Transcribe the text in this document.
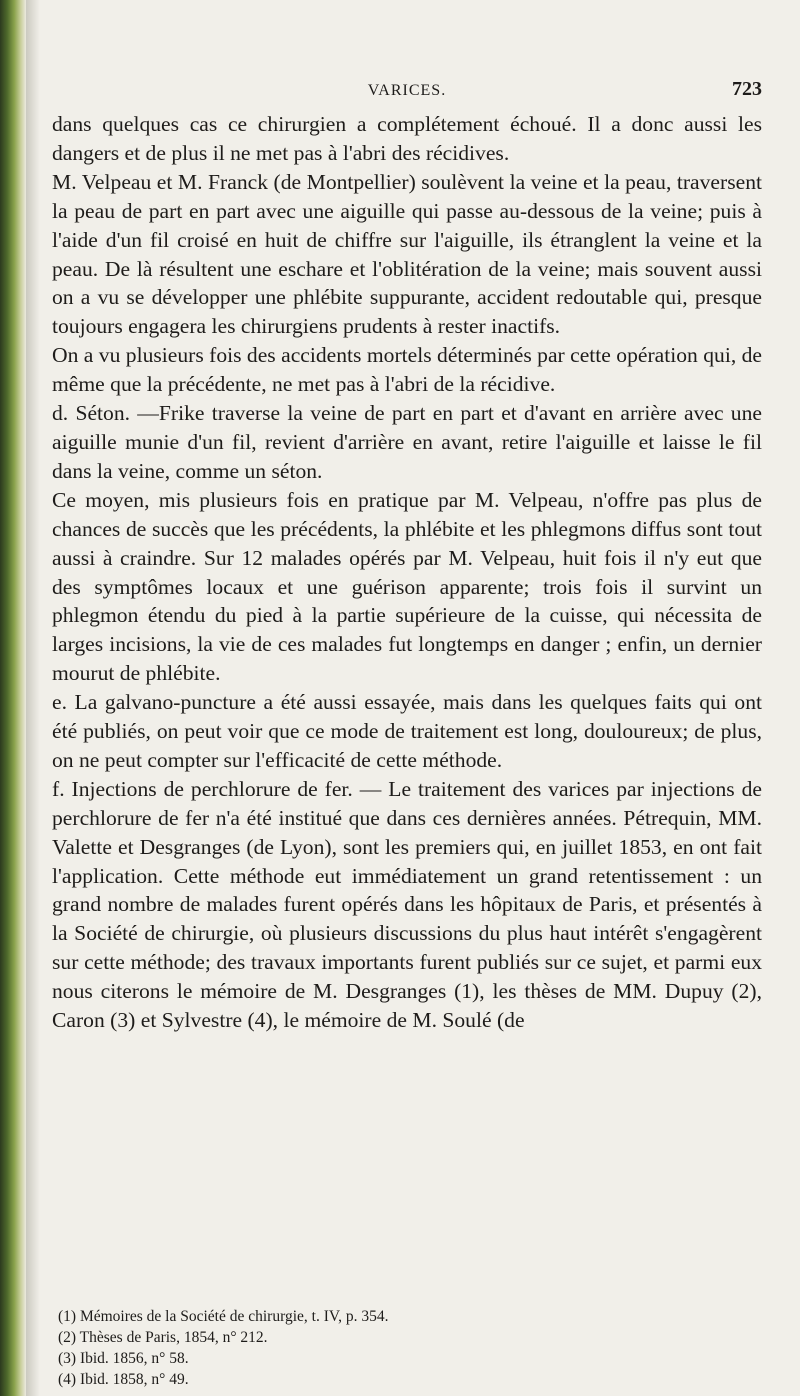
VARICES.	723

dans quelques cas ce chirurgien a complétement échoué. Il a donc aussi les dangers et de plus il ne met pas à l'abri des récidives.

M. Velpeau et M. Franck (de Montpellier) soulèvent la veine et la peau, traversent la peau de part en part avec une aiguille qui passe au-dessous de la veine; puis à l'aide d'un fil croisé en huit de chiffre sur l'aiguille, ils étranglent la veine et la peau. De là résultent une eschare et l'oblitération de la veine; mais souvent aussi on a vu se développer une phlébite suppurante, accident redoutable qui, presque toujours engagera les chirurgiens prudents à rester inactifs.

On a vu plusieurs fois des accidents mortels déterminés par cette opération qui, de même que la précédente, ne met pas à l'abri de la récidive.

d. Séton. —Frike traverse la veine de part en part et d'avant en arrière avec une aiguille munie d'un fil, revient d'arrière en avant, retire l'aiguille et laisse le fil dans la veine, comme un séton.

Ce moyen, mis plusieurs fois en pratique par M. Velpeau, n'offre pas plus de chances de succès que les précédents, la phlébite et les phlegmons diffus sont tout aussi à craindre. Sur 12 malades opérés par M. Velpeau, huit fois il n'y eut que des symptômes locaux et une guérison apparente; trois fois il survint un phlegmon étendu du pied à la partie supérieure de la cuisse, qui nécessita de larges incisions, la vie de ces malades fut longtemps en danger ; enfin, un dernier mourut de phlébite.

e. La galvano-puncture a été aussi essayée, mais dans les quelques faits qui ont été publiés, on peut voir que ce mode de traitement est long, douloureux; de plus, on ne peut compter sur l'efficacité de cette méthode.

f. Injections de perchlorure de fer. — Le traitement des varices par injections de perchlorure de fer n'a été institué que dans ces dernières années. Pétrequin, MM. Valette et Desgranges (de Lyon), sont les premiers qui, en juillet 1853, en ont fait l'application. Cette méthode eut immédiatement un grand retentissement : un grand nombre de malades furent opérés dans les hôpitaux de Paris, et présentés à la Société de chirurgie, où plusieurs discussions du plus haut intérêt s'engagèrent sur cette méthode; des travaux importants furent publiés sur ce sujet, et parmi eux nous citerons le mémoire de M. Desgranges (1), les thèses de MM. Dupuy (2), Caron (3) et Sylvestre (4), le mémoire de M. Soulé (de

(1) Mémoires de la Société de chirurgie, t. IV, p. 354.
(2) Thèses de Paris, 1854, n° 212.
(3) Ibid. 1856, n° 58.
(4) Ibid. 1858, n° 49.
